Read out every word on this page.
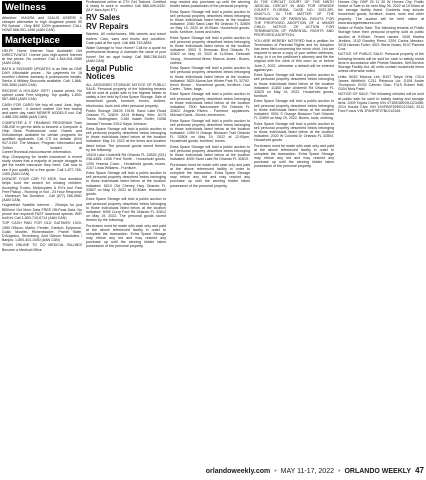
Wellness

Attention: VIAGRA and CIALIS USERS! A cheaper alternative to high drugstore prices! 50 Pill Special - Only $99! 100% guaranteed. CALL NOW! 888-991-1496 (AAN CAN)

Marketplace

HELP!! Home Internet Now Available! Get DIRECTV/AT&T Uverse plus high-speed Internet at low prices. No contract. Call 1-844-541-0985 (AAN CAN)

BATH & SHOWER UPDATES in as little as ONE DAY! Affordable prices - No payments for 18 months! Lifetime warranty & professional installs. Senior & Military Discounts available. Call: 1-866-936-3060 (AAN CAN)

RECEIVE A HOLIDAY GIFT! Lowest prices. No upfront costs! Free shipping. Top quality. 1-800-567-4883 (AAN CAN)

CASH FOR CARS! We buy all cars! Junk, high-end, totaled - it doesn't matter! Get free towing and same day cash! NEWER MODELS too! Call 1-888-335-8888 (AAN CAN)

COMPUTER & IT TRAINING PROGRAM! Train ONLINE to get the skills to become a Computer & Help Desk Professional now! Grants and Scholarships available for certain programs for qualified applicants. Call CTI for details! (844) 947-0192. The Mission, Program Information and Tuition is located at CareerTechnical.edu/consumer-information.

Stop Overpaying for health insurance! A recent study shows that a majority of people struggle to get the health insurance they need. Call now to see if you qualify for a free quote. Call 1-877-765-1455 (AAN CAN)

DONATE YOUR CAR TO KIDS. Your donation helps fund the search for missing children. Accepting Trucks, Motorcycles & RV's too! Fast Free Pickup - Running or Not - 24 Hour Response - Maximum Tax Donation - Call (877) 266-0681 (AAN CAN)

HughesNet Satellite Internet - 25mbps for just $50/mo! Get More Data FREE Off-Peak Data. No phone line required! FAST download speeds. WiFi built in! Call 1-800-710-6714 (AAN CAN)

TOP CASH PAID FOR OLD GUITARS! 1920-1980 Gibson, Martin, Fender, Gretsch, Epiphone, Guild, Mosrite, Rickenbacker, Prairie State, D'Angelico, Stromberg. And Gibson Mandolins / Banjos. 1-800-401-0440 (AAN CAN)

TRAIN ONLINE TO DO MEDICAL BILLING! Become a Medical Office

Professional online at CTI! Get Trained, Certified & ready to work in months! Call 888-449-0432. (M-F 8am-6pm ET)

RV Sales
RV Repairs

Wanted: All motorhomes, fifth wheels and travel trailers. Cars, vans and trucks any condition. Cash paid at the spot. Call 888-743-8845

Water Damage to Your Home? Call for a quote for professional cleanup & maintain the value of your home! Set an appt today! Call 888-788-5443 (AAN CAN)

Legal Public
Notices

ALL ASSIGNED STORAGE NOTICE OF PUBLIC SALE: Personal property of the following tenants will be sold at public sale to the highest bidder to satisfy a lien held by Extra Space Storage. Sale of household goods, furniture, boxes, clothes, electronics, tools and other personal property.

Public Storage 28103 19191 Sand Lake Road Orlando FL 32819. A101 Brittany Vehr; A175 Travis Nottingham; C160 Isaiah Smith; D058 Jamaal Thomas; E012 Kayla Johnson

Extra Space Storage will hold a public auction to sell personal property described below belonging to those individuals listed below at the location indicated: May 19, 2022 at the times and location listed below. The personal goods stored therein by the following:

10415 Lake Underhill Rd Orlando FL 32825 (321) 238-4455. 1006 Fred Smith - Household goods. 1200 Yesenia Colon - Household goods, boxes. 2107 Linda Williams - Furniture.

Extra Space Storage will hold a public auction to sell personal property described below belonging to those individuals listed below at the location indicated: 6010 Old Cheney Hwy Orlando FL 32807 on May 19, 2022 at 10:30am. Household goods.

Extra Space Storage will hold a public auction to sell personal property described below belonging to those individuals listed below at the location indicated: 5055 Curry Ford Rd Orlando FL 32812 on May 19, 2022. The personal goods stored therein by the following:

Purchases must be made with cash only and paid at the above referenced facility in order to complete the transaction. Extra Space Storage may refuse any bid and may rescind any purchase up until the winning bidder takes possession of the personal property.

may rescind any purchase up until the winning bidder takes possession of the personal property.

Extra Space Storage will hold a public auction to sell personal property described below belonging to those individuals listed below at the location indicated: 2460 Sand Lake Rd Orlando FL 32809 on May 19, 2022 at 10:00am. Household goods, tools, furniture, boxes and totes.

Extra Space Storage will hold a public auction to sell personal property described below belonging to those individuals listed below at the location indicated: 3003 S Semoran Blvd Orlando FL 32822 on May 19, 2022 at 11:00am. Deborah Young - Household items. Marcus Jones - Boxes, clothes.

Extra Space Storage will hold a public auction to sell personal property described below belonging to those individuals listed below at the location indicated: 3625 Aloma Ave Winter Park FL 32792. Kevin Brown - Household goods, furniture. Lisa Carter - Totes, bags.

Extra Space Storage will hold a public auction to sell personal property described below belonging to those individuals listed below at the location indicated: 7600 Narcoossee Rd Orlando FL 32822. Angela Rivera - Furniture, appliances. Michael Davis - Boxes, electronics.

Extra Space Storage will hold a public auction to sell personal property described below belonging to those individuals listed below at the location indicated: 1350 N Orange Blossom Trail Orlando FL 32804 on May 19, 2022 at 12:00pm. Household goods, furniture, boxes.

Extra Space Storage will hold a public auction to sell personal property described below belonging to those individuals listed below at the location indicated: 4000 Sand Lake Rd Orlando FL 32819.

Purchases must be made with cash only and paid at the above referenced facility in order to complete the transaction. Extra Space Storage may refuse any bid and may rescind any purchase up until the winning bidder takes possession of the personal property.

IN THE CIRCUIT COURT OF THE NINTH JUDICIAL CIRCUIT IN AND FOR ORANGE COUNTY FLORIDA. CASE NO.: 2022-DR-004571-O. IN THE MATTER OF THE TERMINATION OF PARENTAL RIGHTS FOR THE PROPOSED ADOPTION OF A MINOR CHILD. NOTICE OF ACTION FOR TERMINATION OF PARENTAL RIGHTS AND PROPOSED ADOPTION.

YOU ARE HEREBY NOTIFIED that a petition for Termination of Parental Rights and for Adoption has been filed concerning the minor child. You are required to serve a copy of your written defenses, if any, to it on the petitioner's attorney and file the original with the clerk of this court on or before June 2, 2022, otherwise a default will be entered against you.

Extra Space Storage will hold a public auction to sell personal property described below belonging to those individuals listed below at the location indicated: 11360 Lake Underhill Rd Orlando FL 32825 on May 19, 2022. Household goods, furniture.

Extra Space Storage will hold a public auction to sell personal property described below belonging to those individuals listed below at the location indicated: 9001 S Orange Blossom Trail Orlando FL 32809 on May 19, 2022. Boxes, tools, clothing.

Extra Space Storage will hold a public auction to sell personal property described below belonging to those individuals listed below at the location indicated: 2020 W Colonial Dr Orlando FL 32804. Household goods.

Purchases must be made with cash only and paid at the above referenced facility in order to complete the transaction. Extra Space Storage may refuse any bid and may rescind any purchase up until the winning bidder takes possession of the personal property.

Homes City: DNP 25 11 30 W Homes City. Public Notice of Sale to be held May 26, 2022 at 10:00am at the storage facility listed. Contents may include household goods, furniture, boxes, tools and other property. The auction will be held online at www.storagetreasures.com.

Notice of Public Sale: The following tenants of Public Storage have their personal property sold at public auction at 9:00am. Tenant names: 1045 Martha Jenkins; 1102 Dorothy Reed; 2209 Carlos Mendez; 3018 Hannah Fuller; 4021 Steve Nolan; 5107 Pamela Cruz.

NOTICE OF PUBLIC SALE: Personal property of the following tenants will be sold for cash to satisfy rental liens in accordance with Florida Statutes, Self-Service Storage Facility Act. All units contain household items unless otherwise noted.

Units: B042 Marcus Lee; B107 Tanya Ortiz; C014 James Whitfield; C211 Rebecca Lin; D108 Andre Thompson; E033 Carmen Diaz; F119 Robert Hall; G004 Nina Patel.

NOTICE OF SALE: The following vehicles will be sold at public sale for cash to satisfy towing and storage liens. 2009 Toyota Camry VIN 4T1BE46K09U123456; 2014 Honda Civic VIN 19XFB2F52EE012345; 2011 Ford Focus VIN 1FAHP3F27BL012345.

orlandoweekly.com • MAY 11-17, 2022 • ORLANDO WEEKLY 47
